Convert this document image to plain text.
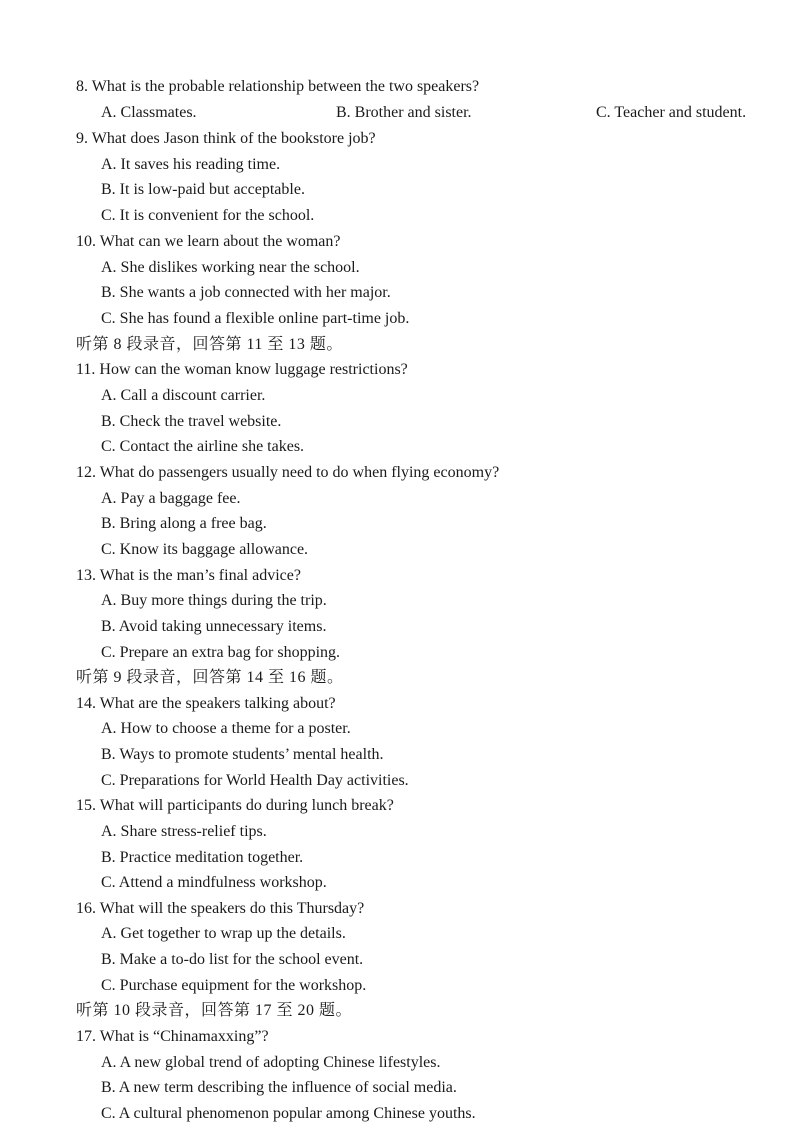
8. What is the probable relationship between the two speakers?
A. Classmates.	B. Brother and sister.	C. Teacher and student.
9. What does Jason think of the bookstore job?
A. It saves his reading time.
B. It is low-paid but acceptable.
C. It is convenient for the school.
10. What can we learn about the woman?
A. She dislikes working near the school.
B. She wants a job connected with her major.
C. She has found a flexible online part-time job.
听第 8 段录音，回答第 11 至 13 题。
11. How can the woman know luggage restrictions?
A. Call a discount carrier.
B. Check the travel website.
C. Contact the airline she takes.
12. What do passengers usually need to do when flying economy?
A. Pay a baggage fee.
B. Bring along a free bag.
C. Know its baggage allowance.
13. What is the man’s final advice?
A. Buy more things during the trip.
B. Avoid taking unnecessary items.
C. Prepare an extra bag for shopping.
听第 9 段录音，回答第 14 至 16 题。
14. What are the speakers talking about?
A. How to choose a theme for a poster.
B. Ways to promote students’ mental health.
C. Preparations for World Health Day activities.
15. What will participants do during lunch break?
A. Share stress-relief tips.
B. Practice meditation together.
C. Attend a mindfulness workshop.
16. What will the speakers do this Thursday?
A. Get together to wrap up the details.
B. Make a to-do list for the school event.
C. Purchase equipment for the workshop.
听第 10 段录音，回答第 17 至 20 题。
17. What is “Chinamaxxing”?
A. A new global trend of adopting Chinese lifestyles.
B. A new term describing the influence of social media.
C. A cultural phenomenon popular among Chinese youths.
